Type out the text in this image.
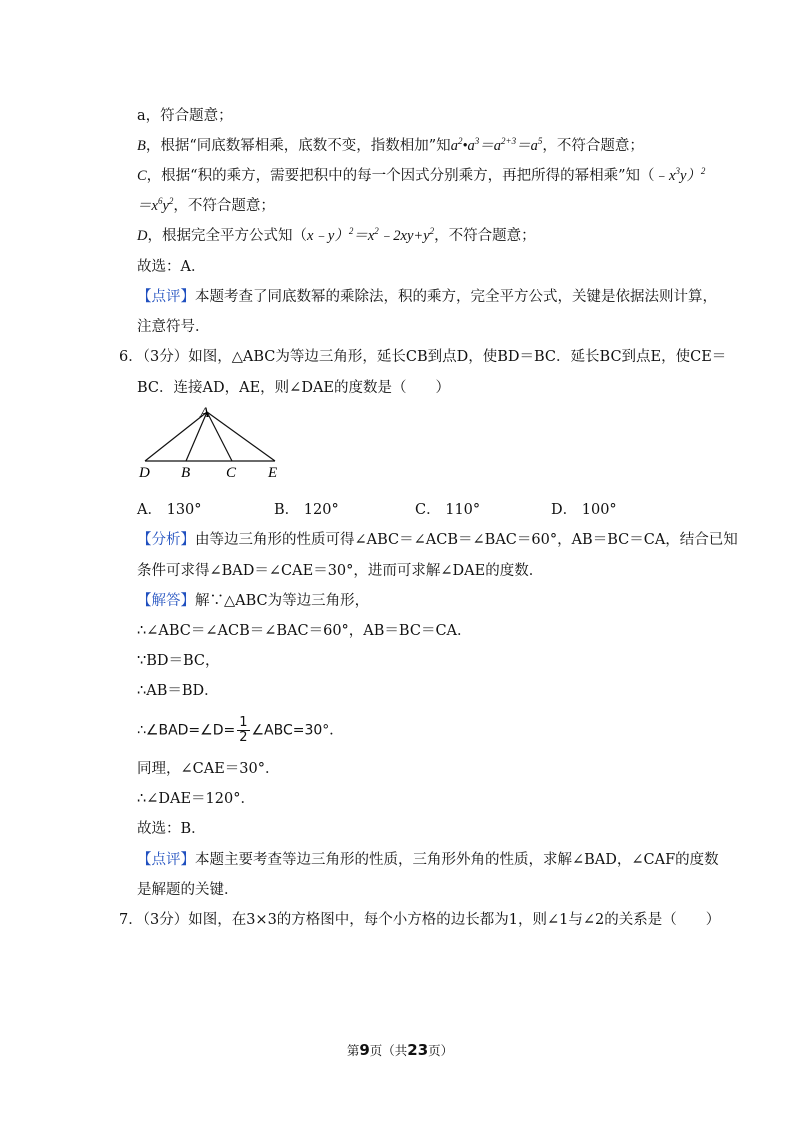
a，符合题意；
B，根据“同底数幂相乘，底数不变，指数相加”知$a^2•a^3=a^{2+3}=a^5$，不符合题意；
C，根据“积的乘方，需要把积中的每一个因式分别乘方，再把所得的幂相乘”知$(﹣x^3y)^2$
$=x^6y^2$，不符合题意；
D，根据完全平方公式知$(x﹣y)^2=x^2﹣2xy+y^2$，不符合题意；
故选：A．
【点评】本题考查了同底数幂的乘除法，积的乘方，完全平方公式，关键是依据法则计算，
注意符号．
6．（3分）如图，△ABC为等边三角形，延长CB到点D，使BD＝BC．延长BC到点E，使CE＝
BC．连接AD，AE，则∠DAE的度数是（　　）
A
D B C E
A． 130°	B． 120°	C． 110°	D． 100°
【分析】由等边三角形的性质可得∠ABC＝∠ACB＝∠BAC＝60°，AB＝BC＝CA，结合已知
条件可求得∠BAD＝∠CAE＝30°，进而可求解∠DAE的度数．
【解答】解∵△ABC为等边三角形，
∴∠ABC＝∠ACB＝∠BAC＝60°，AB＝BC＝CA．
∵BD＝BC，
∴AB＝BD．
∴∠BAD=∠D= $\frac{1}{2}$ ∠ABC=30°．
同理，∠CAE＝30°．
∴∠DAE＝120°．
故选：B．
【点评】本题主要考查等边三角形的性质，三角形外角的性质，求解∠BAD，∠CAF的度数
是解题的关键．
7．（3分）如图，在3×3的方格图中，每个小方格的边长都为1，则∠1与∠2的关系是（　　）
第9页（共23页）
